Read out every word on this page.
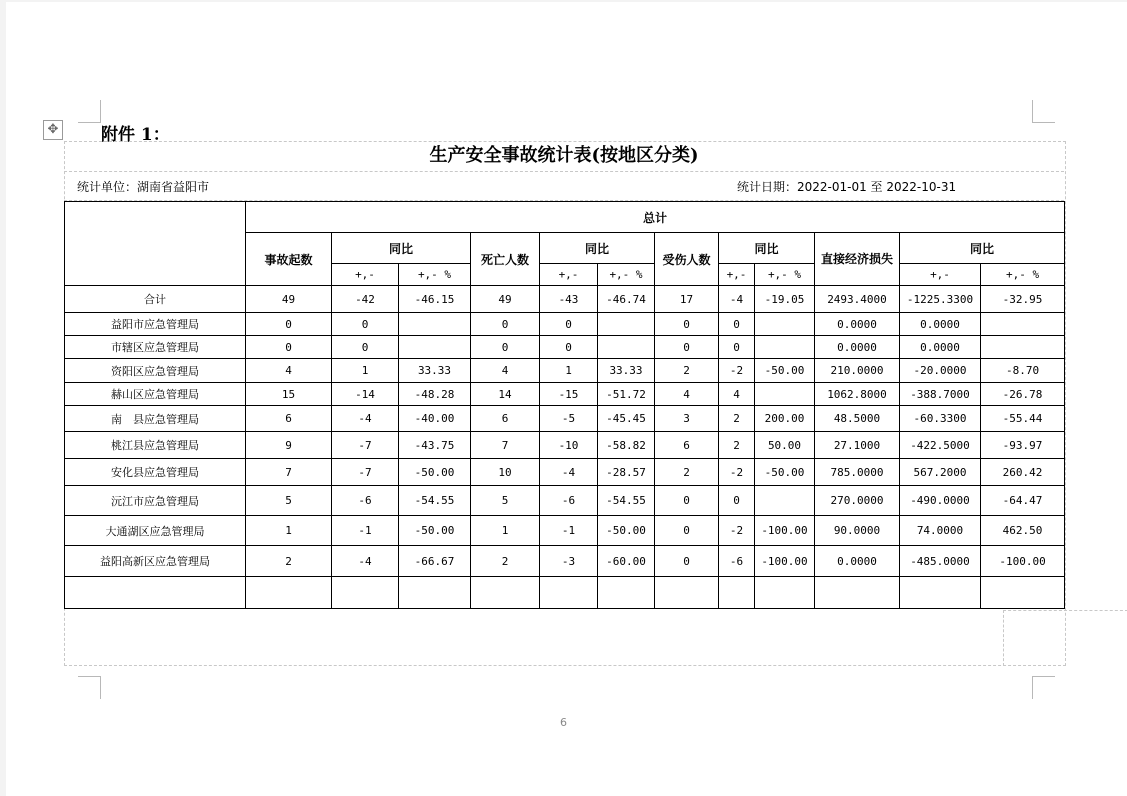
✥	附件 1：
生产安全事故统计表(按地区分类)
统计单位：湖南省益阳市	统计日期：2022-01-01 至 2022-10-31
	总计											
	事故起数	同比		死亡人数	同比		受伤人数	同比		直接经济损失	同比	
		+,-	+,- %		+,-	+,- %		+,-	+,- %		+,-	+,- %
合计	49	-42	-46.15	49	-43	-46.74	17	-4	-19.05	2493.4000	-1225.3300	-32.95
益阳市应急管理局	0	0		0	0		0	0		0.0000	0.0000	
市辖区应急管理局	0	0		0	0		0	0		0.0000	0.0000	
资阳区应急管理局	4	1	33.33	4	1	33.33	2	-2	-50.00	210.0000	-20.0000	-8.70
赫山区应急管理局	15	-14	-48.28	14	-15	-51.72	4	4		1062.8000	-388.7000	-26.78
南　县应急管理局	6	-4	-40.00	6	-5	-45.45	3	2	200.00	48.5000	-60.3300	-55.44
桃江县应急管理局	9	-7	-43.75	7	-10	-58.82	6	2	50.00	27.1000	-422.5000	-93.97
安化县应急管理局	7	-7	-50.00	10	-4	-28.57	2	-2	-50.00	785.0000	567.2000	260.42
沅江市应急管理局	5	-6	-54.55	5	-6	-54.55	0	0		270.0000	-490.0000	-64.47
大通湖区应急管理局	1	-1	-50.00	1	-1	-50.00	0	-2	-100.00	90.0000	74.0000	462.50
益阳高新区应急管理局	2	-4	-66.67	2	-3	-60.00	0	-6	-100.00	0.0000	-485.0000	-100.00

6
